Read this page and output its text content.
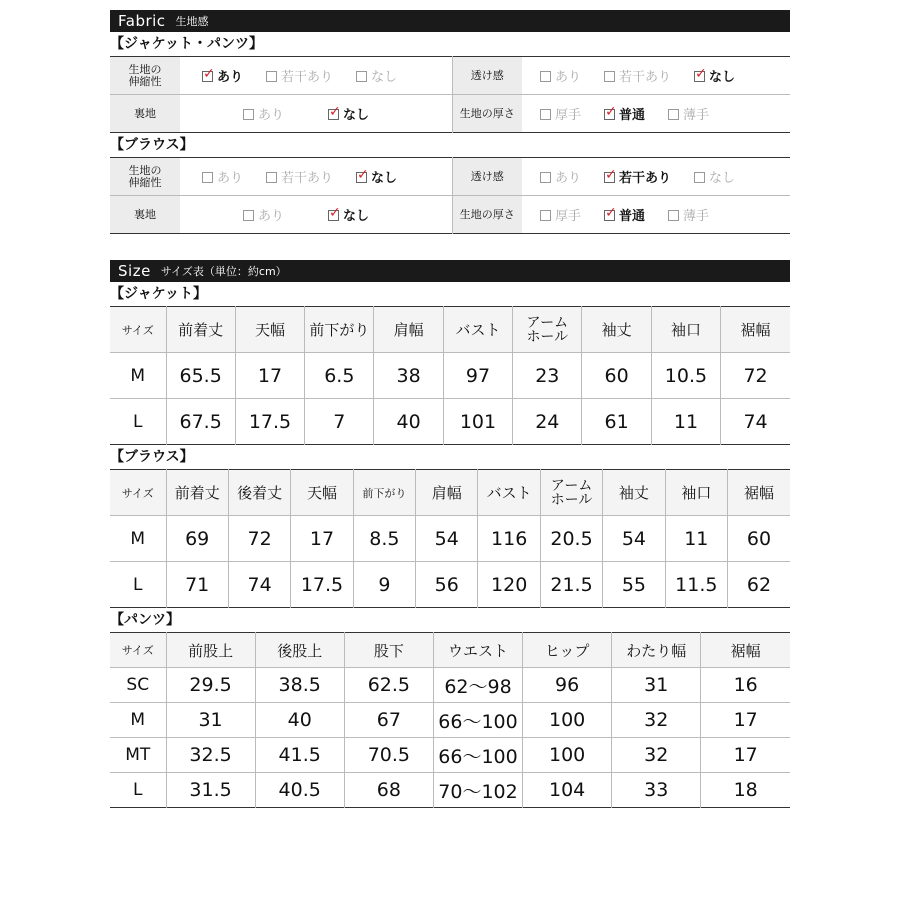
Fabric 生地感
【ジャケット・パンツ】
生地の
伸縮性	✓あり 若干あり なし	透け感	あり 若干あり ✓ なし
裏地	あり ✓ なし	生地の厚さ	厚手 ✓ 普通 薄手
【ブラウス】
生地の
伸縮性	あり 若干あり ✓ なし	透け感	あり ✓ 若干あり なし
裏地	あり ✓ なし	生地の厚さ	厚手 ✓ 普通 薄手
Size サイズ表（単位：約cm）
【ジャケット】
サイズ	前着丈	天幅	前下がり	肩幅	バスト	アーム
ホール	袖丈	袖口	裾幅
M	65.5	17	6.5	38	97	23	60	10.5	72
L	67.5	17.5	7	40	101	24	61	11	74
【ブラウス】
サイズ	前着丈	後着丈	天幅	前下がり	肩幅	バスト	アーム
ホール	袖丈	袖口	裾幅
M	69	72	17	8.5	54	116	20.5	54	11	60
L	71	74	17.5	9	56	120	21.5	55	11.5	62
【パンツ】
サイズ	前股上	後股上	股下	ウエスト	ヒップ	わたり幅	裾幅
SC	29.5	38.5	62.5	62〜98	96	31	16
M	31	40	67	66〜100	100	32	17
MT	32.5	41.5	70.5	66〜100	100	32	17
L	31.5	40.5	68	70〜102	104	33	18
